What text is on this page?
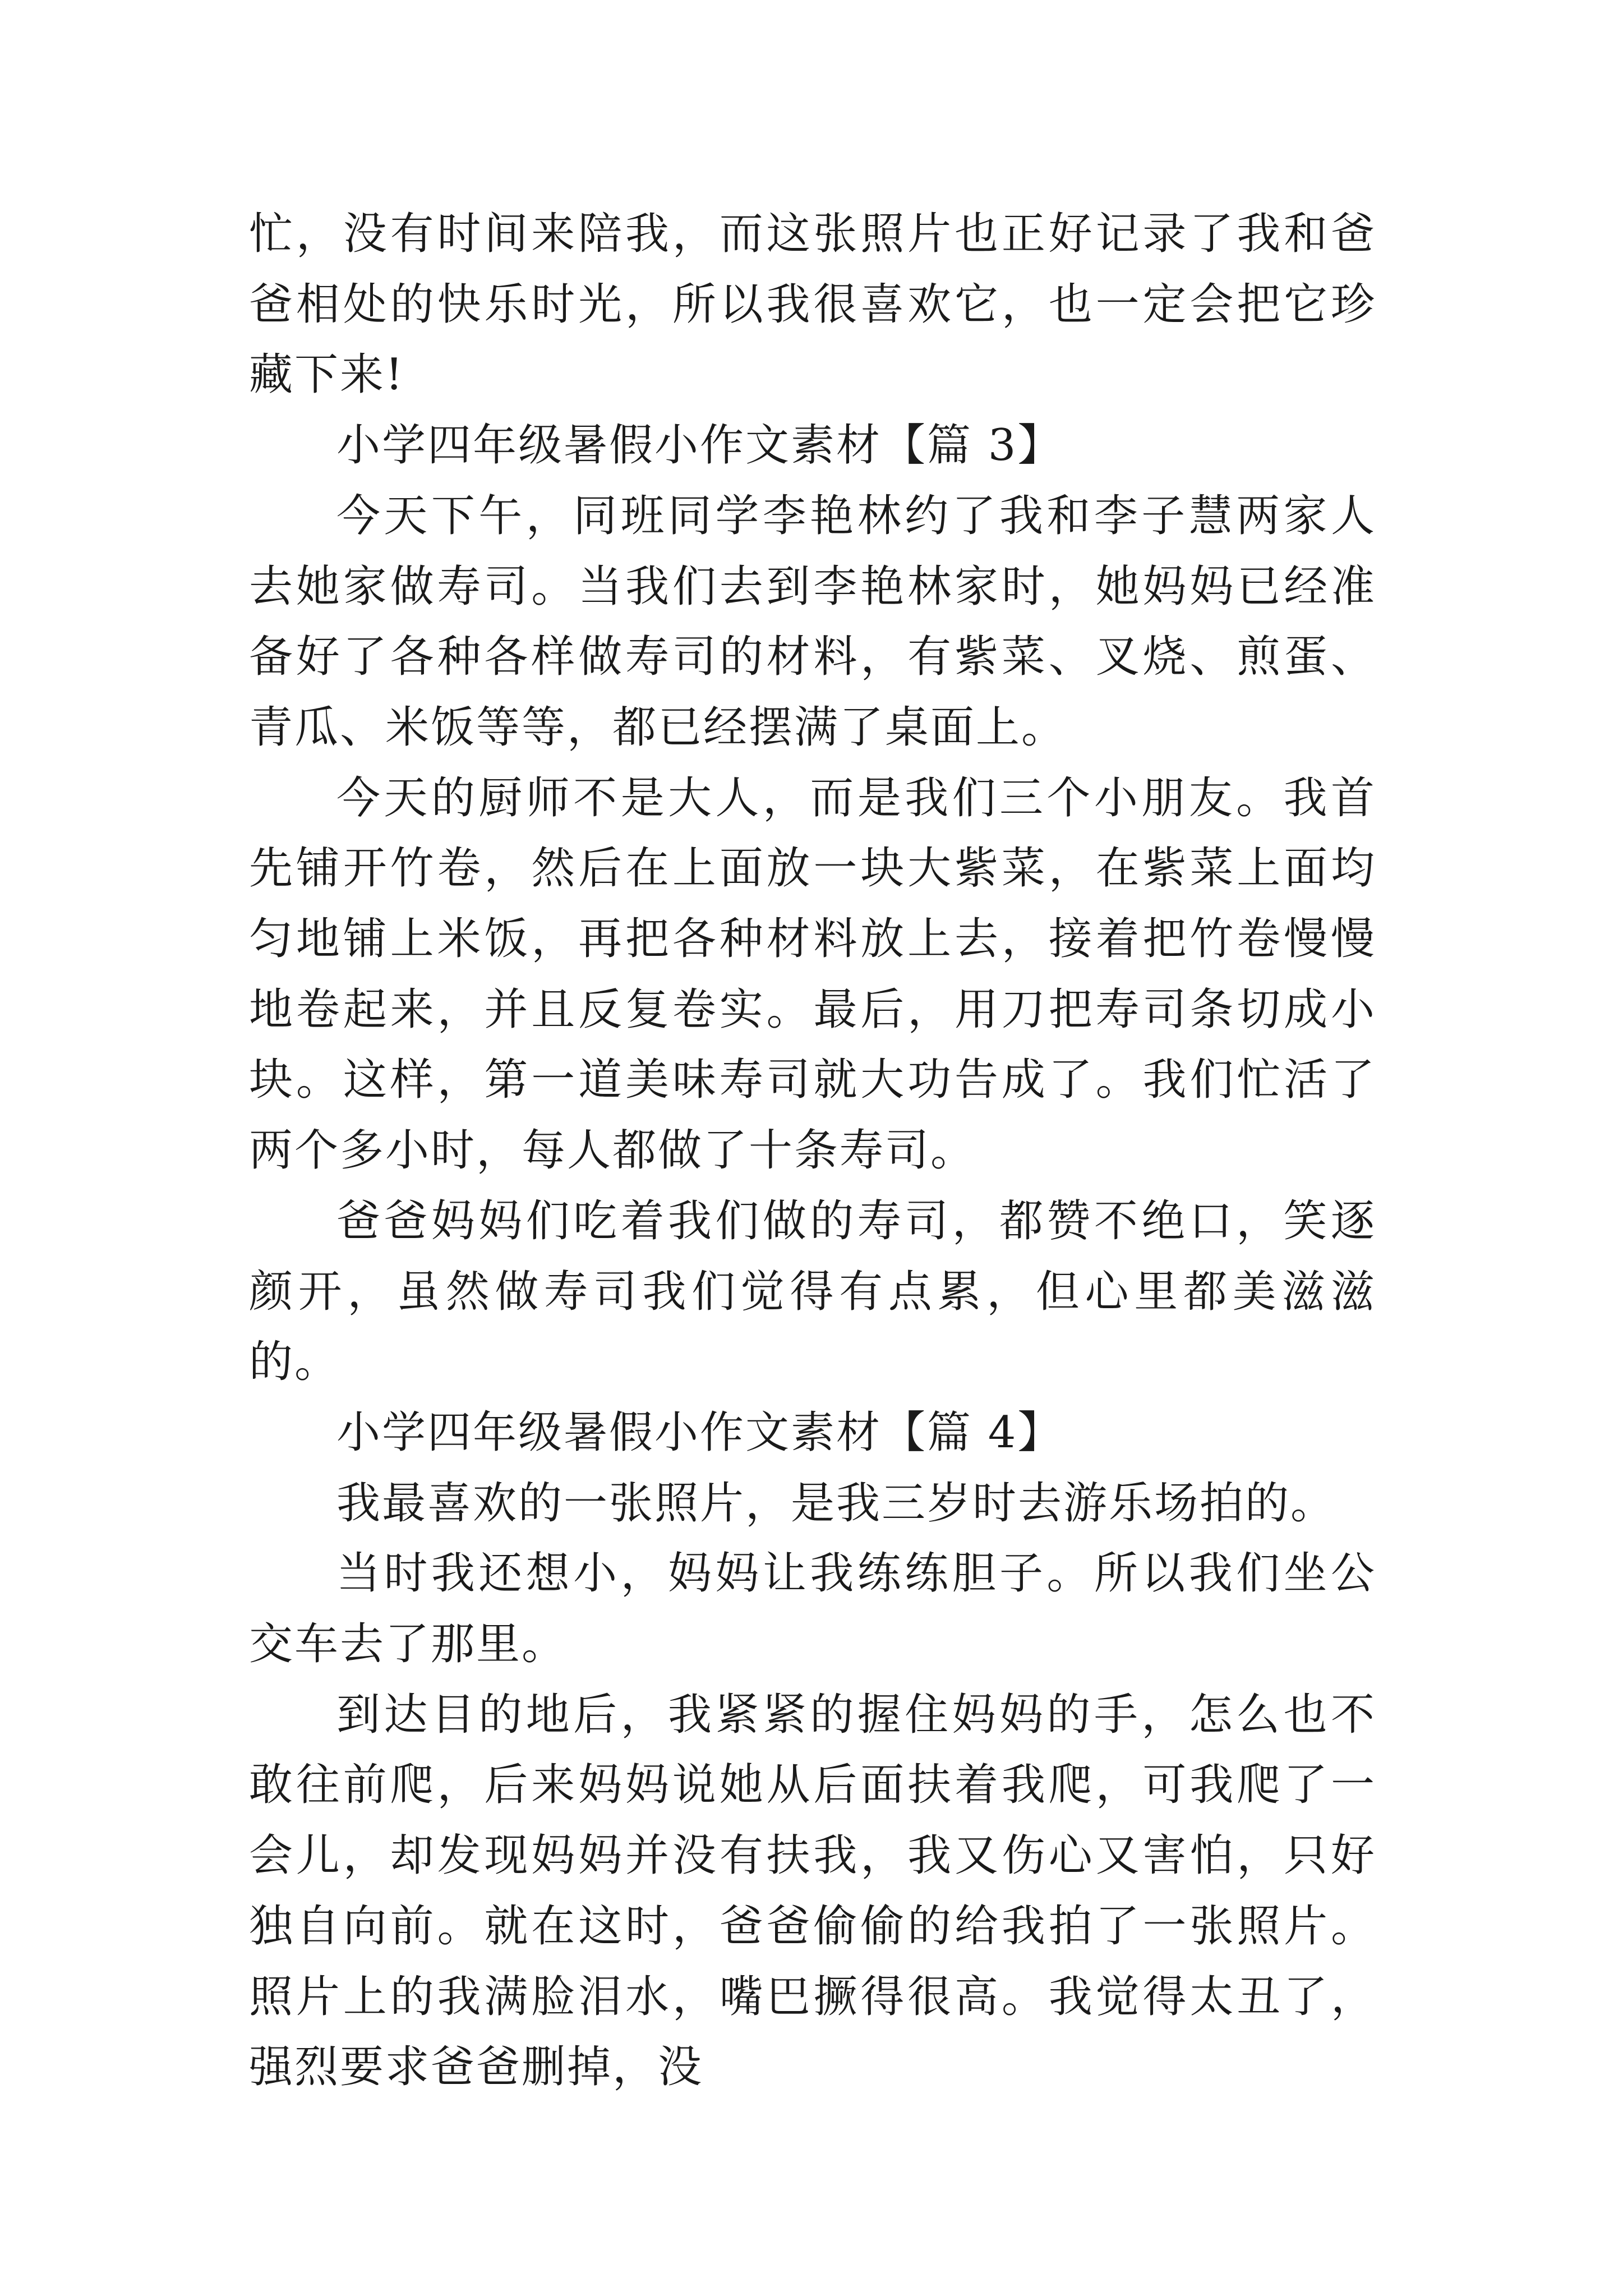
忙，没有时间来陪我，而这张照片也正好记录了我和爸爸相处的快乐时光，所以我很喜欢它，也一定会把它珍藏下来!

小学四年级暑假小作文素材【篇 3】

今天下午，同班同学李艳林约了我和李子慧两家人去她家做寿司。当我们去到李艳林家时，她妈妈已经准备好了各种各样做寿司的材料，有紫菜、叉烧、煎蛋、青瓜、米饭等等，都已经摆满了桌面上。

今天的厨师不是大人，而是我们三个小朋友。我首先铺开竹卷，然后在上面放一块大紫菜，在紫菜上面均匀地铺上米饭，再把各种材料放上去，接着把竹卷慢慢地卷起来，并且反复卷实。最后，用刀把寿司条切成小块。这样，第一道美味寿司就大功告成了。我们忙活了两个多小时，每人都做了十条寿司。

爸爸妈妈们吃着我们做的寿司，都赞不绝口，笑逐颜开，虽然做寿司我们觉得有点累，但心里都美滋滋的。

小学四年级暑假小作文素材【篇 4】

我最喜欢的一张照片，是我三岁时去游乐场拍的。

当时我还想小，妈妈让我练练胆子。所以我们坐公交车去了那里。

到达目的地后，我紧紧的握住妈妈的手，怎么也不敢往前爬，后来妈妈说她从后面扶着我爬，可我爬了一会儿，却发现妈妈并没有扶我，我又伤心又害怕，只好独自向前。就在这时，爸爸偷偷的给我拍了一张照片。照片上的我满脸泪水，嘴巴撅得很高。我觉得太丑了，强烈要求爸爸删掉，没
